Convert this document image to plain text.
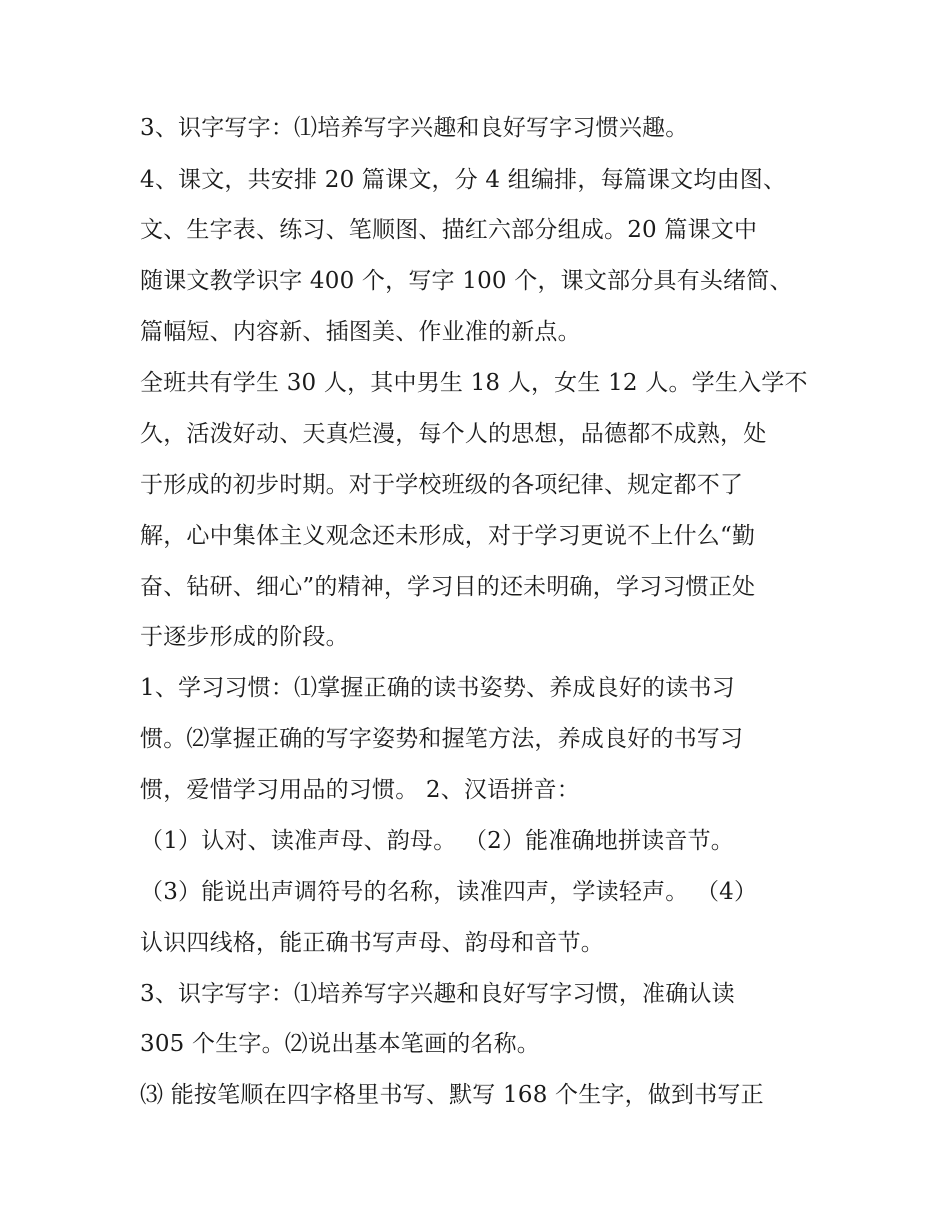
3、识字写字：⑴培养写字兴趣和良好写字习惯兴趣。
4、课文，共安排 20 篇课文，分 4 组编排，每篇课文均由图、
文、生字表、练习、笔顺图、描红六部分组成。20 篇课文中
随课文教学识字 400 个，写字 100 个，课文部分具有头绪简、
篇幅短、内容新、插图美、作业准的新点。
全班共有学生 30 人，其中男生 18 人，女生 12 人。学生入学不
久，活泼好动、天真烂漫，每个人的思想，品德都不成熟，处
于形成的初步时期。对于学校班级的各项纪律、规定都不了
解，心中集体主义观念还未形成，对于学习更说不上什么“勤
奋、钻研、细心”的精神，学习目的还未明确，学习习惯正处
于逐步形成的阶段。
1、学习习惯：⑴掌握正确的读书姿势、养成良好的读书习
惯。⑵掌握正确的写字姿势和握笔方法，养成良好的书写习
惯，爱惜学习用品的习惯。 2、汉语拼音：
（1）认对、读准声母、韵母。 （2）能准确地拼读音节。
（3）能说出声调符号的名称，读准四声，学读轻声。 （4）
认识四线格，能正确书写声母、韵母和音节。
3、识字写字：⑴培养写字兴趣和良好写字习惯，准确认读
305 个生字。⑵说出基本笔画的名称。
⑶ 能按笔顺在四字格里书写、默写 168 个生字，做到书写正
